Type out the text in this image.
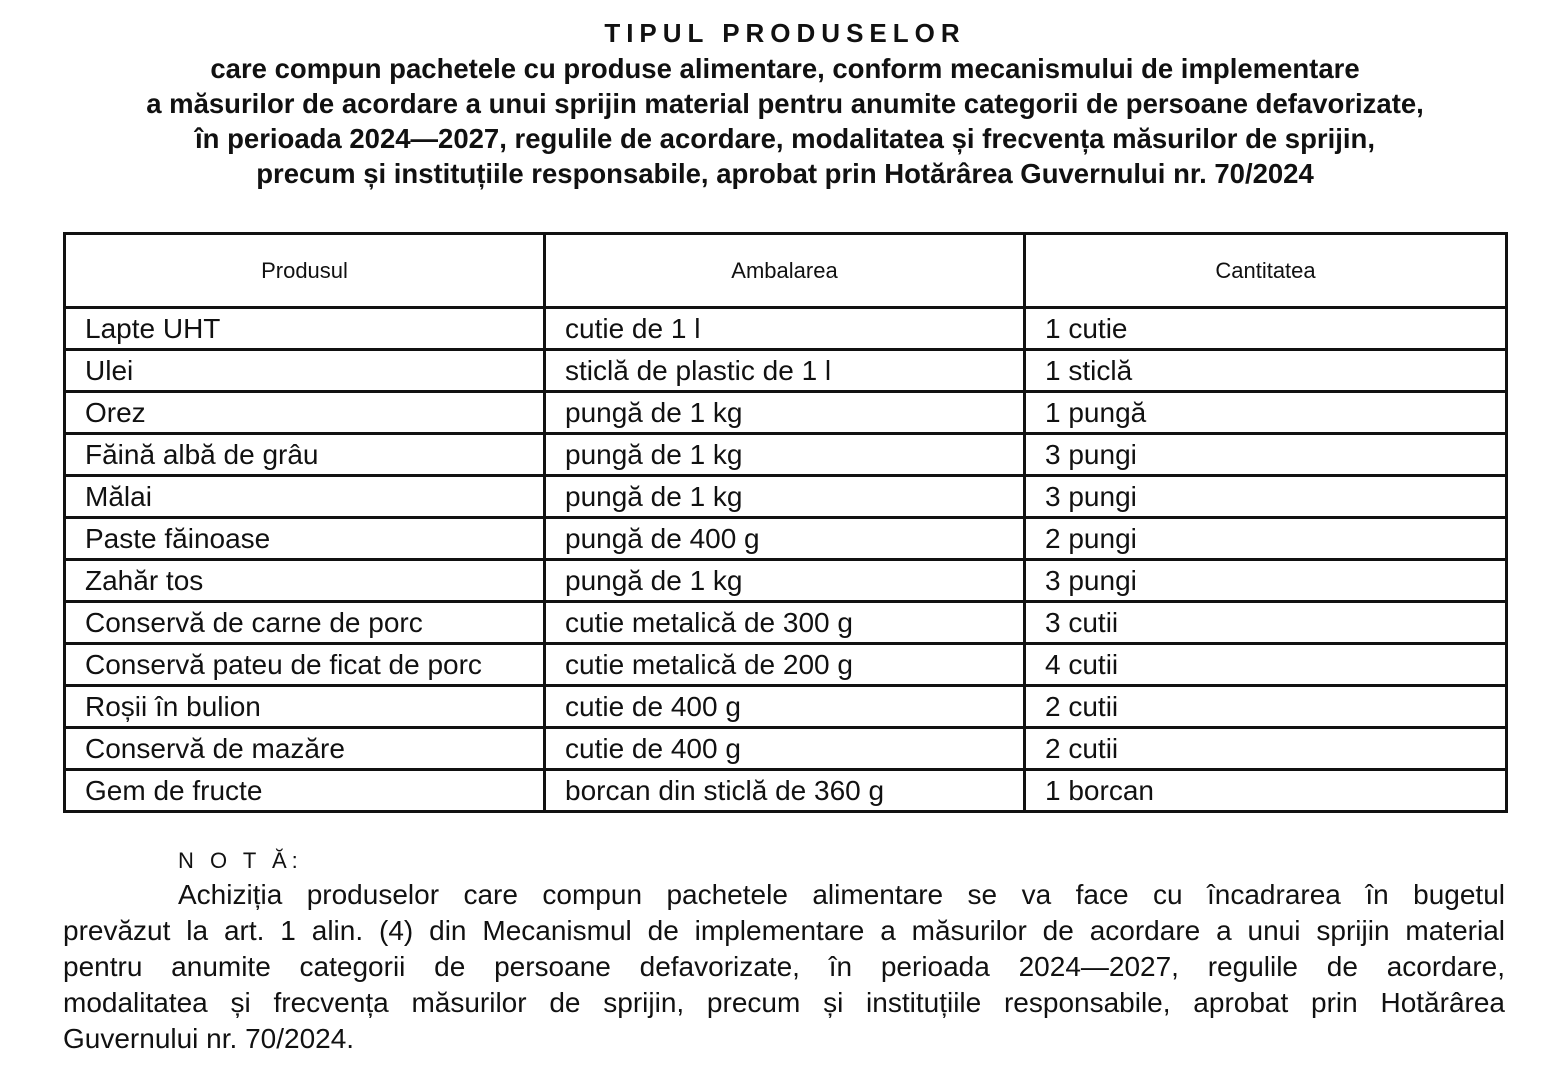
TIPUL PRODUSELOR
care compun pachetele cu produse alimentare, conform mecanismului de implementare
a măsurilor de acordare a unui sprijin material pentru anumite categorii de persoane defavorizate,
în perioada 2024—2027, regulile de acordare, modalitatea și frecvența măsurilor de sprijin,
precum și instituțiile responsabile, aprobat prin Hotărârea Guvernului nr. 70/2024
Produsul	Ambalarea	Cantitatea
Lapte UHT	cutie de 1 l	1 cutie
Ulei	sticlă de plastic de 1 l	1 sticlă
Orez	pungă de 1 kg	1 pungă
Făină albă de grâu	pungă de 1 kg	3 pungi
Mălai	pungă de 1 kg	3 pungi
Paste făinoase	pungă de 400 g	2 pungi
Zahăr tos	pungă de 1 kg	3 pungi
Conservă de carne de porc	cutie metalică de 300 g	3 cutii
Conservă pateu de ficat de porc	cutie metalică de 200 g	4 cutii
Roșii în bulion	cutie de 400 g	2 cutii
Conservă de mazăre	cutie de 400 g	2 cutii
Gem de fructe	borcan din sticlă de 360 g	1 borcan
N O T Ă:
Achiziția produselor care compun pachetele alimentare se va face cu încadrarea în bugetul
prevăzut la art. 1 alin. (4) din Mecanismul de implementare a măsurilor de acordare a unui sprijin material
pentru anumite categorii de persoane defavorizate, în perioada 2024—2027, regulile de acordare,
modalitatea și frecvența măsurilor de sprijin, precum și instituțiile responsabile, aprobat prin Hotărârea
Guvernului nr. 70/2024.
